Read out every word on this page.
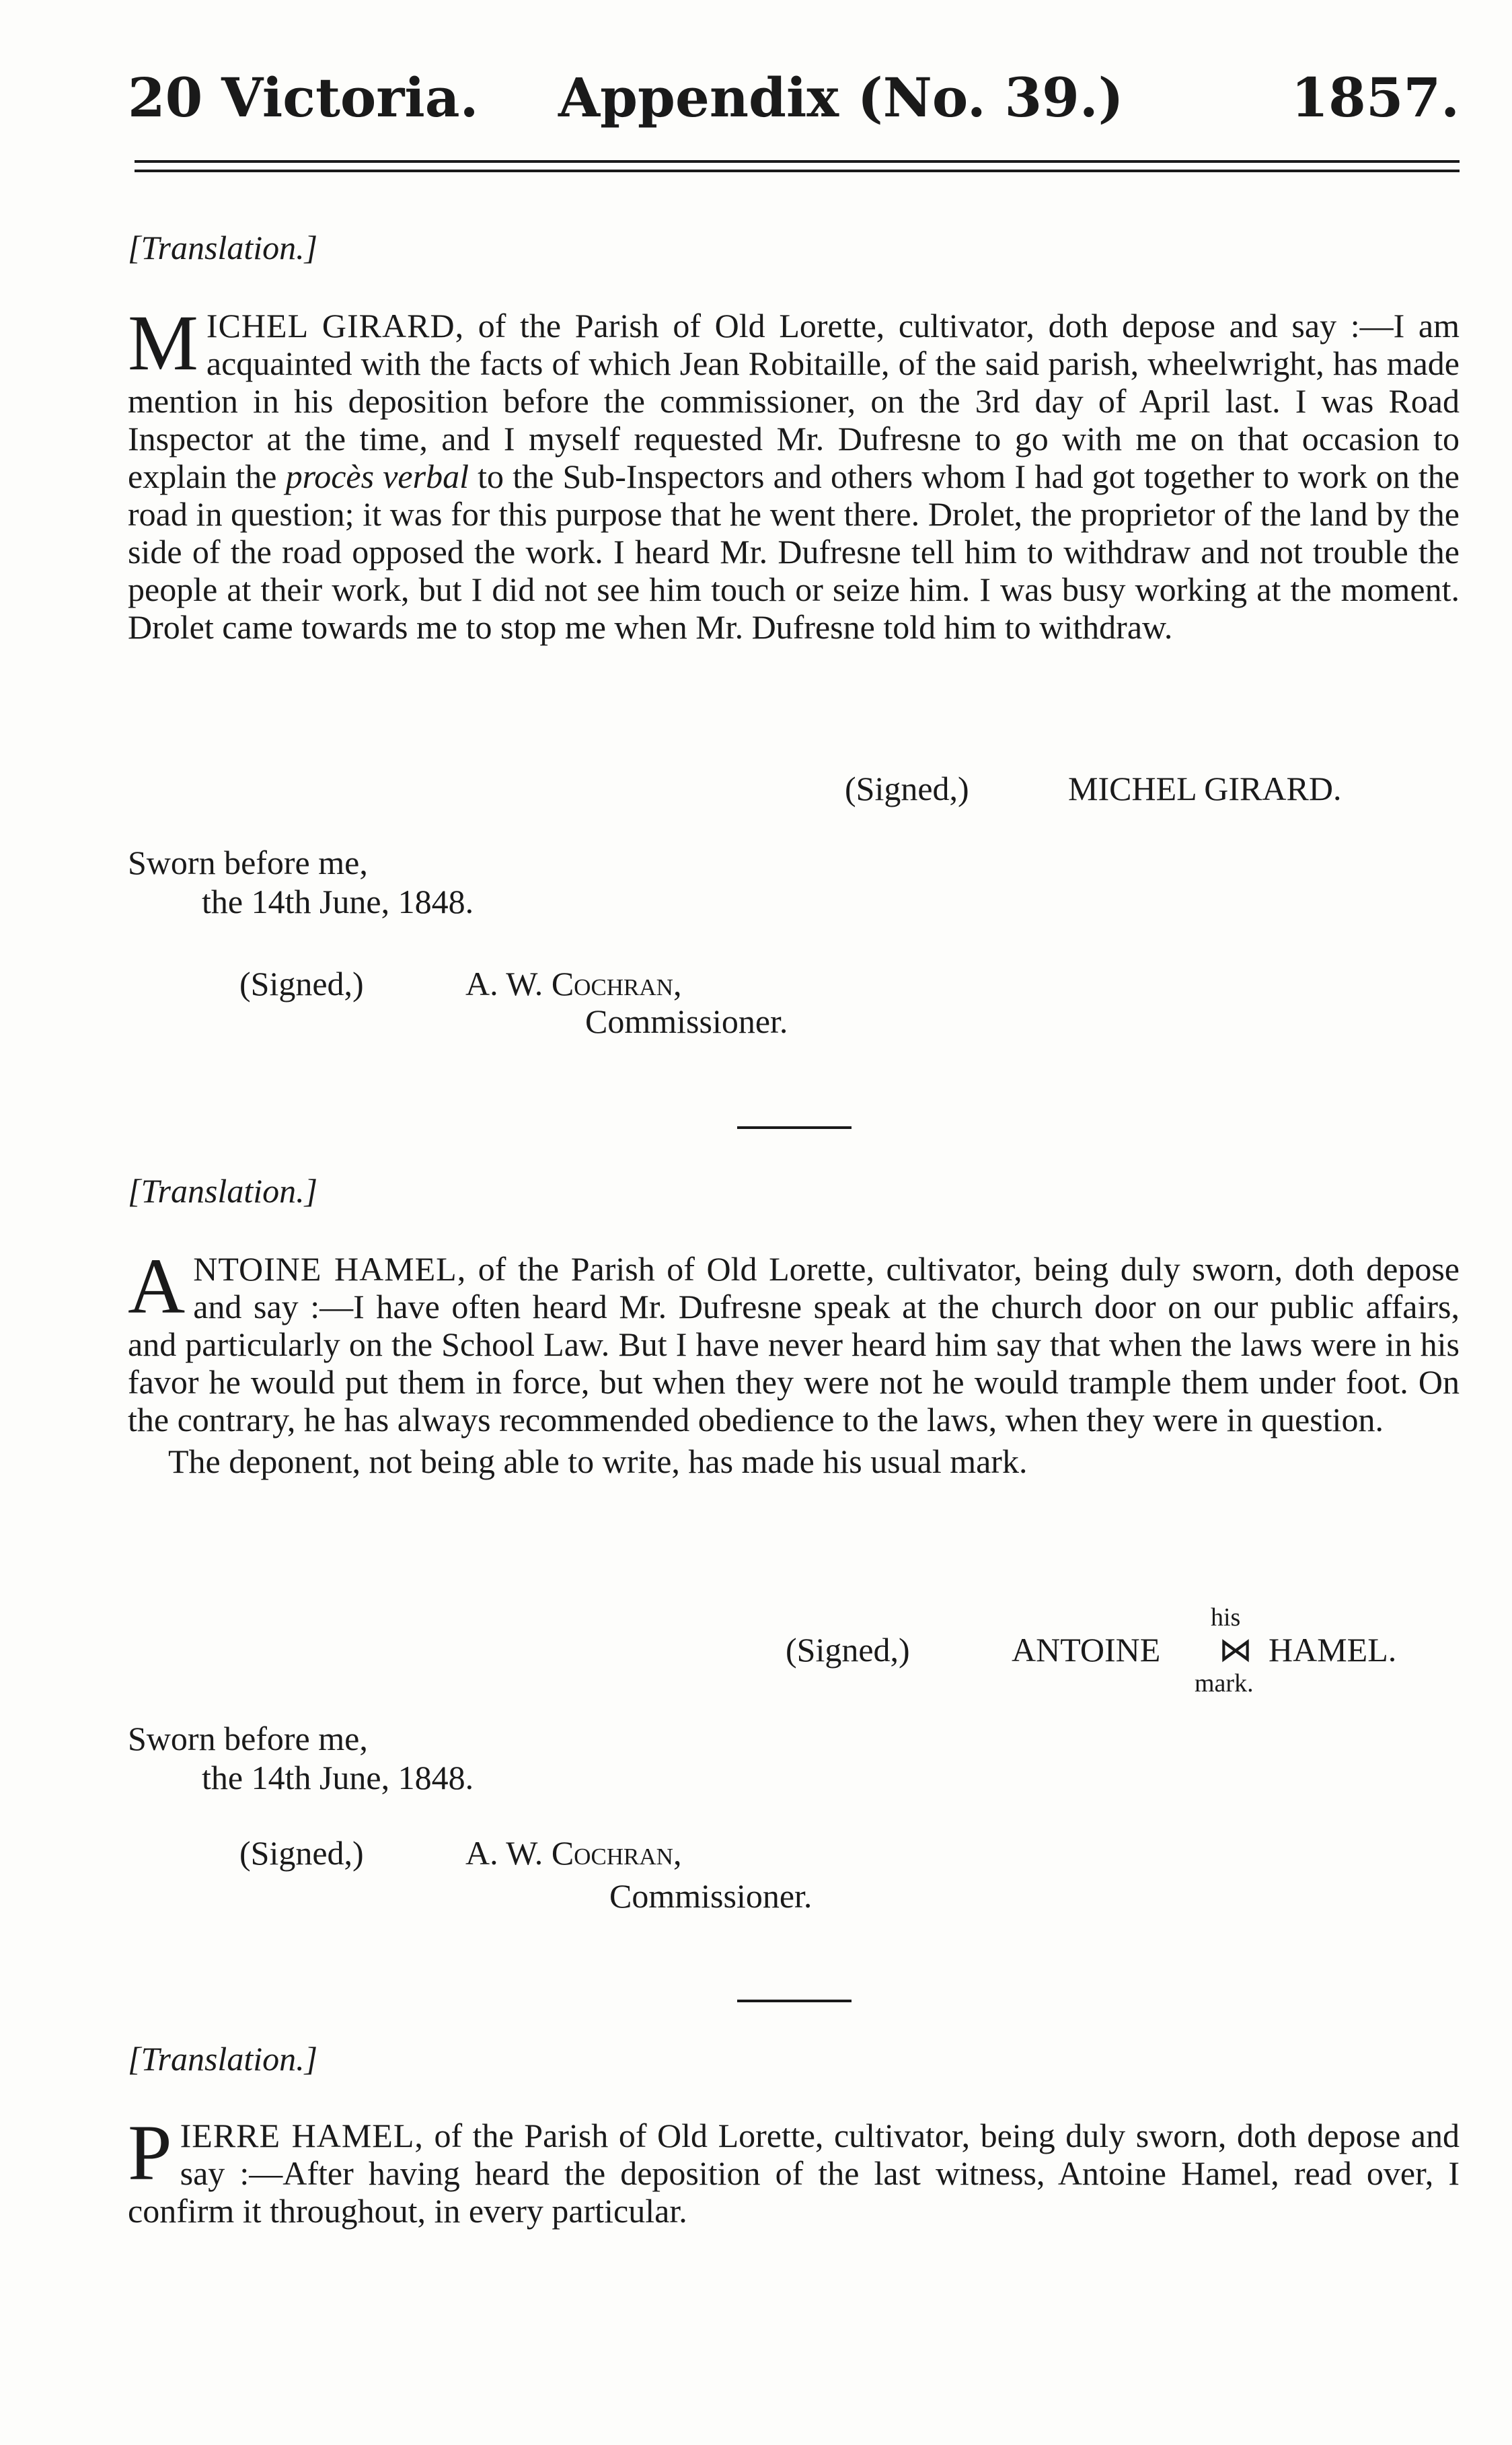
20 Victoria. Appendix (No. 39.)	1857.
[Translation.]
MICHEL GIRARD, of the Parish of Old Lorette, cultivator, doth depose and say :—I am acquainted with the facts of which Jean Robitaille, of the said parish, wheelwright, has made mention in his deposition before the commissioner, on the 3rd day of April last. I was Road Inspector at the time, and I myself requested Mr. Dufresne to go with me on that occasion to explain the procès verbal to the Sub-Inspectors and others whom I had got together to work on the road in question; it was for this purpose that he went there. Drolet, the proprietor of the land by the side of the road opposed the work. I heard Mr. Dufresne tell him to withdraw and not trouble the people at their work, but I did not see him touch or seize him. I was busy working at the moment. Drolet came towards me to stop me when Mr. Dufresne told him to withdraw.
(Signed,)	MICHEL GIRARD.
Sworn before me,
the 14th June, 1848.
(Signed,)	A. W. Cochran,
Commissioner.
[Translation.]
ANTOINE HAMEL, of the Parish of Old Lorette, cultivator, being duly sworn, doth depose and say :—I have often heard Mr. Dufresne speak at the church door on our public affairs, and particularly on the School Law. But I have never heard him say that when the laws were in his favor he would put them in force, but when they were not he would trample them under foot. On the contrary, he has always recommended obedience to the laws, when they were in question.

The deponent, not being able to write, has made his usual mark.

his
(Signed,)	ANTOINE ⋈ HAMEL.
mark.
Sworn before me,
the 14th June, 1848.
(Signed,)	A. W. Cochran,
Commissioner.
[Translation.]
PIERRE HAMEL, of the Parish of Old Lorette, cultivator, being duly sworn, doth depose and say :—After having heard the deposition of the last witness, Antoine Hamel, read over, I confirm it throughout, in every particular.
